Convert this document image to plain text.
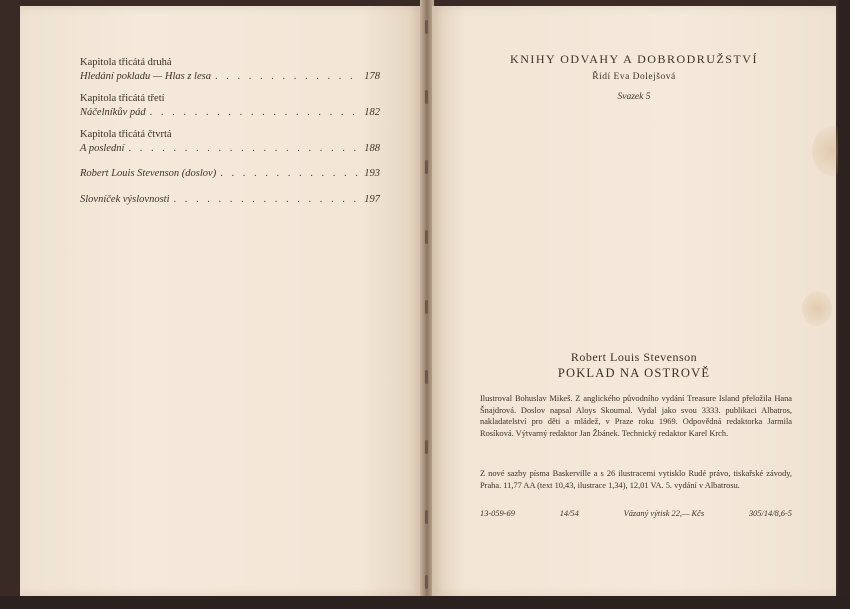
Kapitola třicátá druhá
Hledání pokladu — Hlas z lesa . . .	178
Kapitola třicátá třetí
Náčelníkův pád . . .	182
Kapitola třicátá čtvrtá
A poslední . . .	188
Robert Louis Stevenson (doslov) . . .	193
Slovníček výslovnosti . . .	197
KNIHY ODVAHY A DOBRODRUŽSTVÍ
Řídí Eva Dolejšová
Svazek 5
Robert Louis Stevenson
POKLAD NA OSTROVĚ

Ilustroval Bohuslav Mikeš. Z anglického původního vydání Treasure Island přeložila Hana Šnajdrová. Doslov napsal Aloys Skoumal. Vydal jako svou 3333. publikaci Albatros, nakladatelství pro děti a mládež, v Praze roku 1969. Odpovědná redaktorka Jarmila Rosíková. Výtvarný redaktor Jan Žbánek. Technický redaktor Karel Krch.

Z nové sazby písma Baskerville a s 26 ilustracemi vytisklo Rudé právo, tiskařské závody, Praha. 11,77 AA (text 10,43, ilustrace 1,34), 12,01 VA. 5. vydání v Albatrosu.

13-059-69	14/54	Vázaný výtisk 22,— Kčs	305/14/8,6-5
